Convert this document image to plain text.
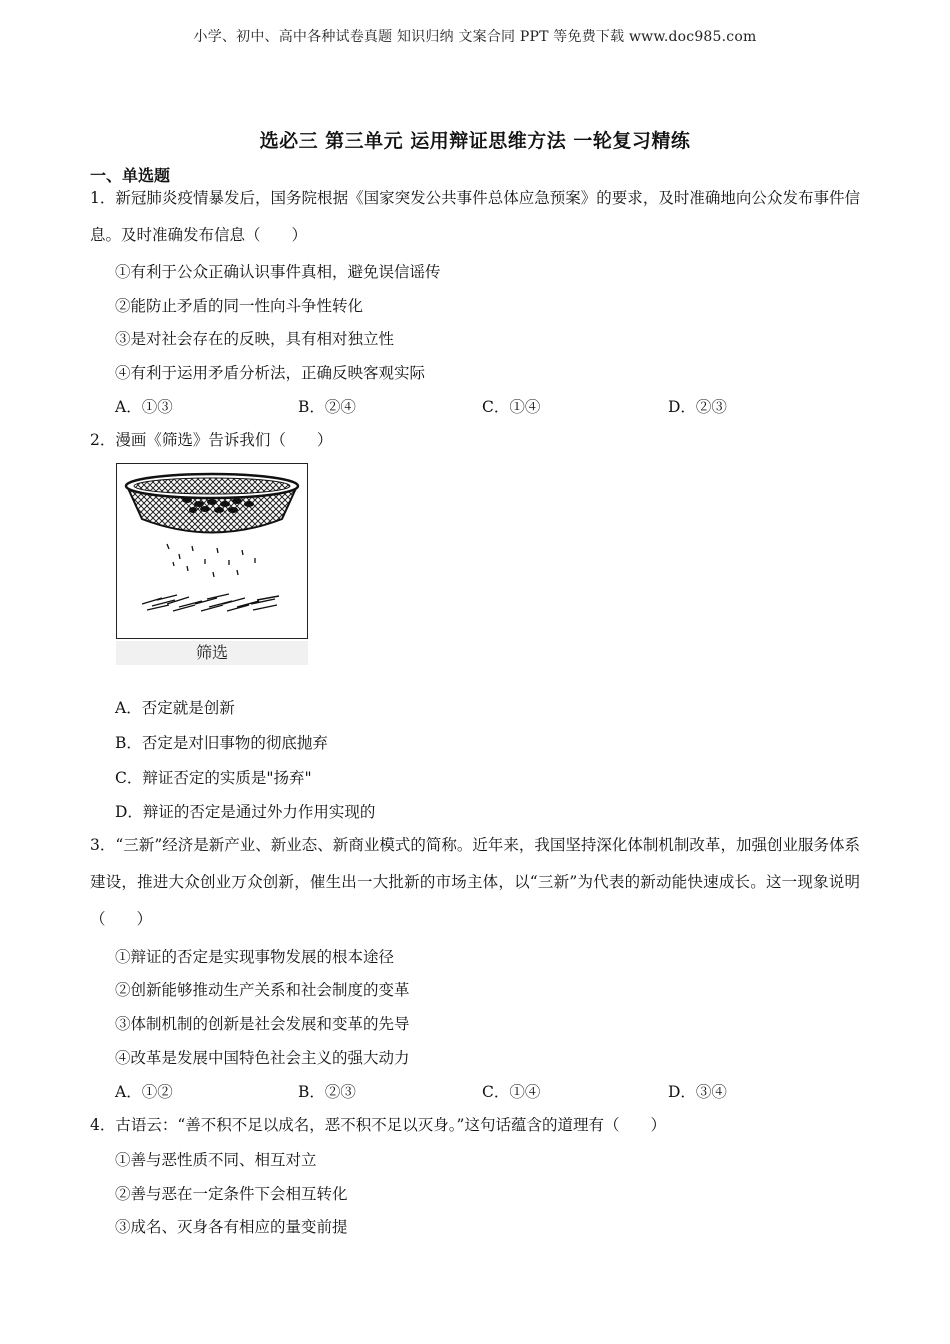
小学、初中、高中各种试卷真题 知识归纳 文案合同 PPT 等免费下载 www.doc985.com
选必三 第三单元 运用辩证思维方法 一轮复习精练
一、单选题
1．新冠肺炎疫情暴发后，国务院根据《国家突发公共事件总体应急预案》的要求，及时准确地向公众发布事件信息。及时准确发布信息（　　）
①有利于公众正确认识事件真相，避免误信谣传
②能防止矛盾的同一性向斗争性转化
③是对社会存在的反映，具有相对独立性
④有利于运用矛盾分析法，正确反映客观实际
A．①③	B．②④	C．①④	D．②③
2．漫画《筛选》告诉我们（　　）
筛选
A．否定就是创新
B．否定是对旧事物的彻底抛弃
C．辩证否定的实质是"扬弃"
D．辩证的否定是通过外力作用实现的
3．“三新”经济是新产业、新业态、新商业模式的简称。近年来，我国坚持深化体制机制改革，加强创业服务体系建设，推进大众创业万众创新，催生出一大批新的市场主体，以“三新”为代表的新动能快速成长。这一现象说明（　　）
①辩证的否定是实现事物发展的根本途径
②创新能够推动生产关系和社会制度的变革
③体制机制的创新是社会发展和变革的先导
④改革是发展中国特色社会主义的强大动力
A．①②	B．②③	C．①④	D．③④
4．古语云：“善不积不足以成名，恶不积不足以灭身。”这句话蕴含的道理有（　　）
①善与恶性质不同、相互对立
②善与恶在一定条件下会相互转化
③成名、灭身各有相应的量变前提
